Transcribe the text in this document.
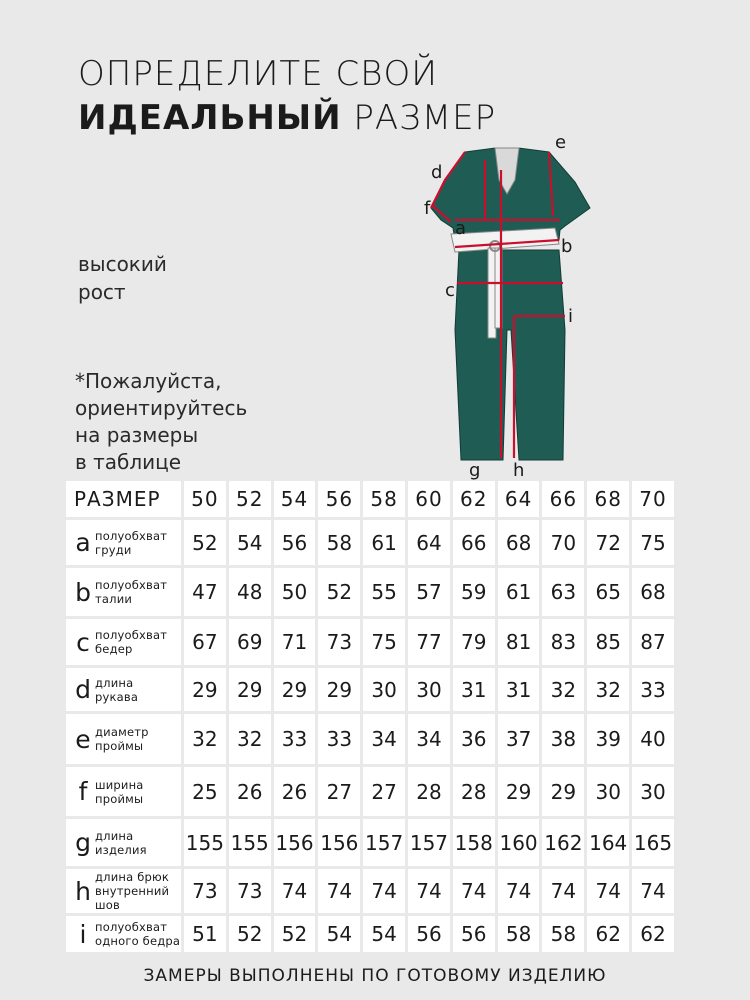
ОПРЕДЕЛИТЕ СВОЙ
ИДЕАЛЬНЫЙ РАЗМЕР
высокий
рост
*Пожалуйста,
ориентируйтесь
на размеры
в таблице
d
e
f
a
b
c
i
g h
РАЗМЕР	50 52 54 56 58 60 62 64 66 68 70
a полуобхват
груди	52 54 56 58 61 64 66 68 70 72 75
b полуобхват
талии	47 48 50 52 55 57 59 61 63 65 68
c полуобхват
бедер	67 69 71 73 75 77 79 81 83 85 87
d длина
рукава	29 29 29 29 30 30 31 31 32 32 33
e диаметр
проймы	32 32 33 33 34 34 36 37 38 39 40
f ширина
проймы	25 26 26 27 27 28 28 29 29 30 30
g длина
изделия 155 155 156 156 157 157 158 160 162 164 165
h длина брюк
внутренний
шов
73 73 74 74 74 74 74 74 74 74 74
i полуобхват
одного бедра 51 52 52 54 54 56 56 58 58 62 62
ЗАМЕРЫ ВЫПОЛНЕНЫ ПО ГОТОВОМУ ИЗДЕЛИЮ
